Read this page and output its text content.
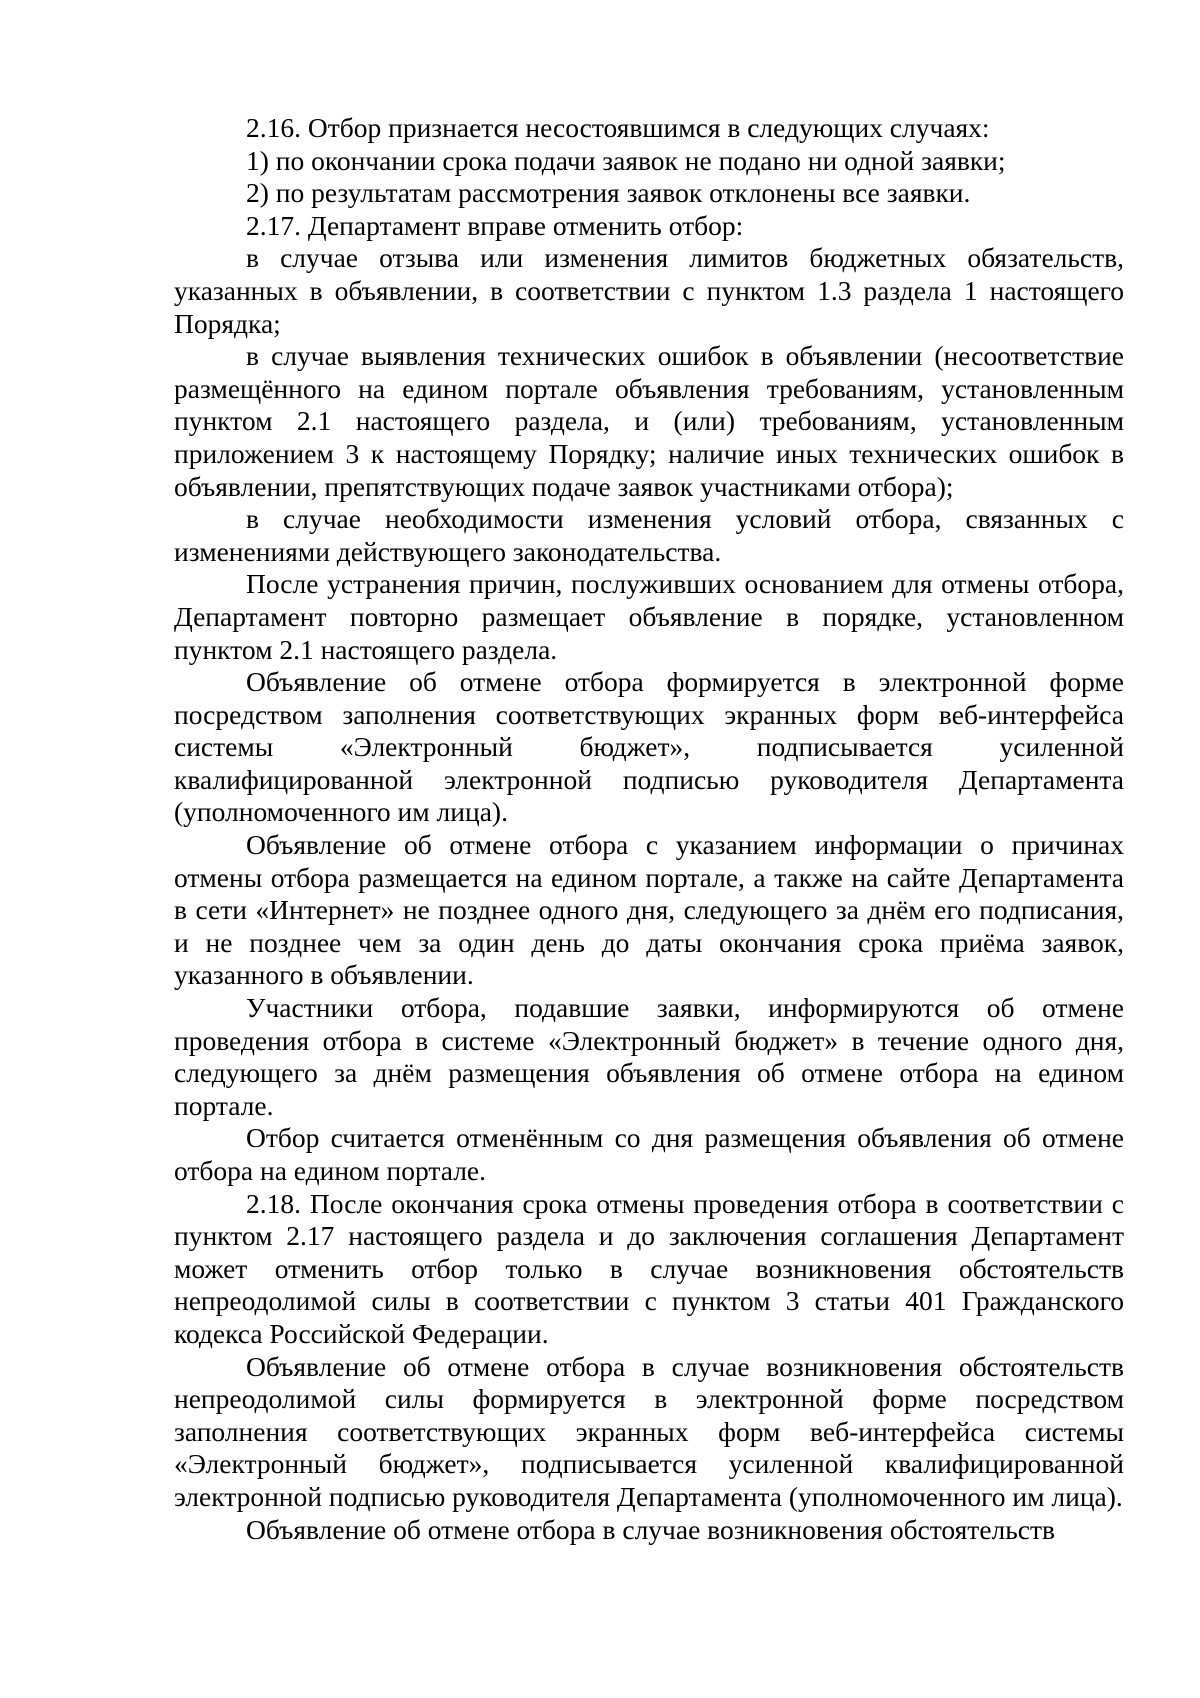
2.16. Отбор признается несостоявшимся в следующих случаях:

1) по окончании срока подачи заявок не подано ни одной заявки;

2) по результатам рассмотрения заявок отклонены все заявки.

2.17. Департамент вправе отменить отбор:

в случае отзыва или изменения лимитов бюджетных обязательств, указанных в объявлении, в соответствии с пунктом 1.3 раздела 1 настоящего Порядка;

в случае выявления технических ошибок в объявлении (несоответствие размещённого на едином портале объявления требованиям, установленным пунктом 2.1 настоящего раздела, и (или) требованиям, установленным приложением 3 к настоящему Порядку; наличие иных технических ошибок в объявлении, препятствующих подаче заявок участниками отбора);

в случае необходимости изменения условий отбора, связанных с изменениями действующего законодательства.

После устранения причин, послуживших основанием для отмены отбора, Департамент повторно размещает объявление в порядке, установленном пунктом 2.1 настоящего раздела.

Объявление об отмене отбора формируется в электронной форме посредством заполнения соответствующих экранных форм веб-интерфейса системы «Электронный бюджет», подписывается усиленной квалифицированной электронной подписью руководителя Департамента (уполномоченного им лица).

Объявление об отмене отбора с указанием информации о причинах отмены отбора размещается на едином портале, а также на сайте Департамента в сети «Интернет» не позднее одного дня, следующего за днём его подписания, и не позднее чем за один день до даты окончания срока приёма заявок, указанного в объявлении.

Участники отбора, подавшие заявки, информируются об отмене проведения отбора в системе «Электронный бюджет» в течение одного дня, следующего за днём размещения объявления об отмене отбора на едином портале.

Отбор считается отменённым со дня размещения объявления об отмене отбора на едином портале.

2.18. После окончания срока отмены проведения отбора в соответствии с пунктом 2.17 настоящего раздела и до заключения соглашения Департамент может отменить отбор только в случае возникновения обстоятельств непреодолимой силы в соответствии с пунктом 3 статьи 401 Гражданского кодекса Российской Федерации.

Объявление об отмене отбора в случае возникновения обстоятельств непреодолимой силы формируется в электронной форме посредством заполнения соответствующих экранных форм веб-интерфейса системы «Электронный бюджет», подписывается усиленной квалифицированной электронной подписью руководителя Департамента (уполномоченного им лица).

Объявление об отмене отбора в случае возникновения обстоятельств
